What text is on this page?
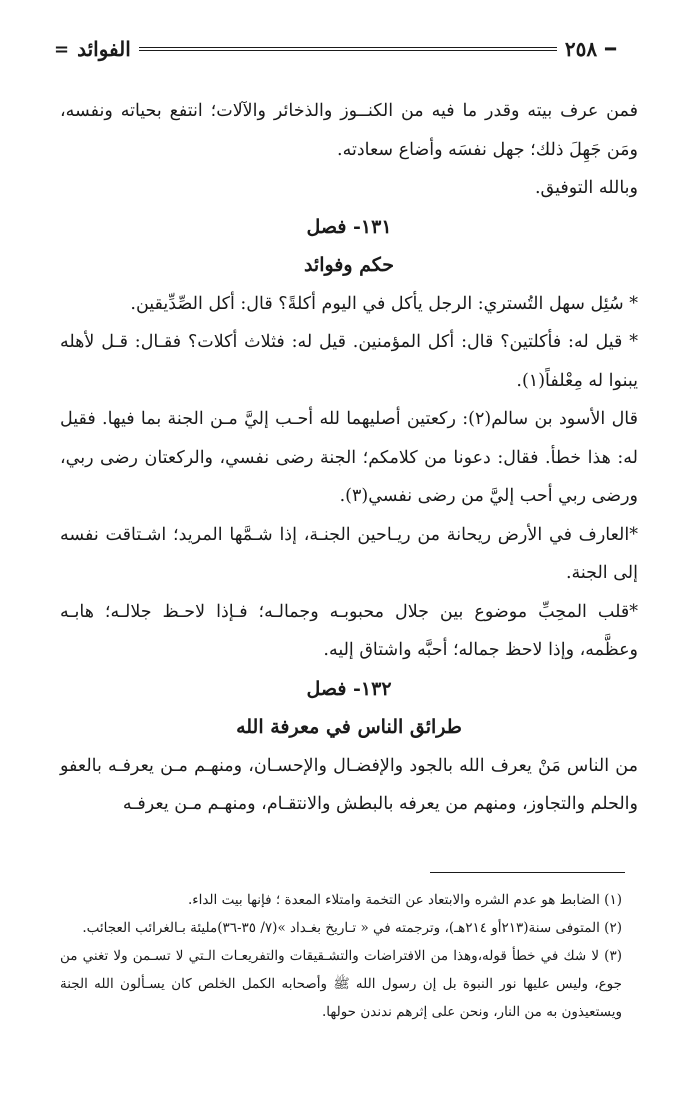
━
٢٥٨
الفوائد
=

فمن عرف بيته وقدر ما فيه من الكنــوز والذخائر والآلات؛ انتفع بحياته ونفسه، ومَن جَهِلَ ذلك؛ جهل نفسَه وأضاع سعادته.

وبالله التوفيق.

١٣١- فصل

حكم وفوائد

* سُئِل سهل التُستري: الرجل يأكل في اليوم أكلةً؟ قال: أكل الصِّدِّيقين.

* قيل له: فأكلتين؟ قال: أكل المؤمنين. قيل له: فثلاث أكلات؟ فقـال: قـل لأهله يبنوا له مِعْلفاً(١).

قال الأسود بن سالم(٢): ركعتين أصليهما لله أحـب إليَّ مـن الجنة بما فيها. فقيل له: هذا خطأ. فقال: دعونا من كلامكم؛ الجنة رضى نفسي، والركعتان رضى ربي، ورضى ربي أحب إليَّ من رضى نفسي(٣).

*العارف في الأرض ريحانة من ريـاحين الجنـة، إذا شـمَّها المريد؛ اشـتاقت نفسه إلى الجنة.

*قلب المحِبِّ موضوع بين جلال محبوبـه وجمالـه؛ فـإذا لاحـظ جلالـه؛ هابـه وعظَّمه، وإذا لاحظ جماله؛ أحبَّه واشتاق إليه.

١٣٢- فصل

طرائق الناس في معرفة الله

من الناس مَنْ يعرف الله بالجود والإفضـال والإحسـان، ومنهـم مـن يعرفـه بالعفو والحلم والتجاوز، ومنهم من يعرفه بالبطش والانتقـام، ومنهـم مـن يعرفـه

(١) الضابط هو عدم الشره والابتعاد عن التخمة وامتلاء المعدة ؛ فإنها بيت الداء.

(٢) المتوفى سنة(٢١٣أو ٢١٤هـ)، وترجمته في « تـاريخ بغـداد »(٧/ ٣٥-٣٦)مليئة بـالغرائب العجائب.

(٣) لا شك في خطأ قوله،وهذا من الافتراضات والتشـقيقات والتفريعـات الـتي لا تسـمن ولا تغني من جوع، وليس عليها نور النبوة بل إن رسول الله ﷺ وأصحابه الكمل الخلص كان يسـألون الله الجنة ويستعيذون به من النار، ونحن على إثرهم ندندن حولها.
